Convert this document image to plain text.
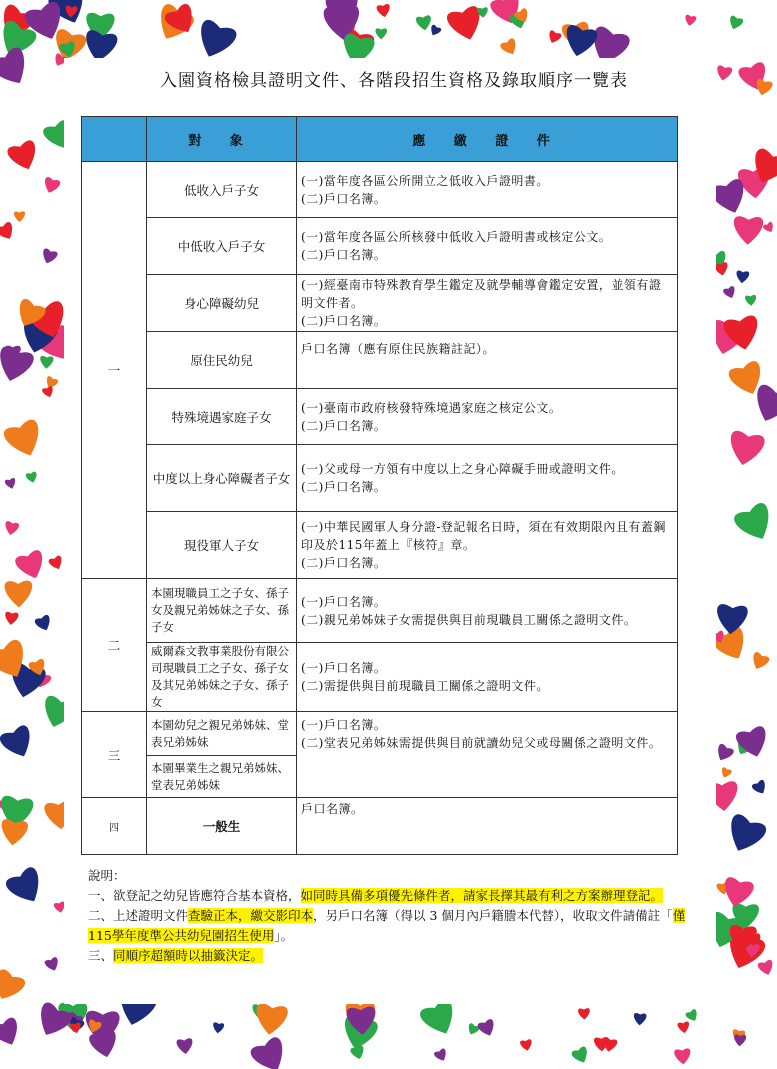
入園資格檢具證明文件、各階段招生資格及錄取順序一覽表
	對 象	應 繳 證 件
一	低收入戶子女	(一)當年度各區公所開立之低收入戶證明書。
(二)戶口名簿。

	中低收入戶子女	(一)當年度各區公所核發中低收入戶證明書或核定公文。
(二)戶口名簿。

	身心障礙幼兒	(一)經臺南市特殊教育學生鑑定及就學輔導會鑑定安置，並領有證明文件者。
(二)戶口名簿。

	原住民幼兒	戶口名簿（應有原住民族籍註記）。

	特殊境遇家庭子女	(一)臺南市政府核發特殊境遇家庭之核定公文。
(二)戶口名簿。

	中度以上身心障礙者子女	(一)父或母一方領有中度以上之身心障礙手冊或證明文件。
(二)戶口名簿。

	現役軍人子女	(一)中華民國軍人身分證-登記報名日時，須在有效期限內且有蓋鋼印及於115年蓋上『核符』章。
(二)戶口名簿。

二	本園現職員工之子女、孫子女及親兄弟姊妹之子女、孫子女	(一)戶口名簿。
(二)親兄弟姊妹子女需提供與目前現職員工關係之證明文件。

	威爾森文教事業股份有限公司現職員工之子女、孫子女及其兄弟姊妹之子女、孫子女	(一)戶口名簿。
(二)需提供與目前現職員工關係之證明文件。

三	本園幼兒之親兄弟姊妹、堂表兄弟姊妹	(一)戶口名簿。
(二)堂表兄弟姊妹需提供與目前就讀幼兒父或母關係之證明文件。

	本園畢業生之親兄弟姊妹、堂表兄弟姊妹	
四	一般生	戶口名簿。
說明：
一、欲登記之幼兒皆應符合基本資格，如同時具備多項優先條件者，請家長擇其最有利之方案辦理登記。
二、上述證明文件查驗正本，繳交影印本，另戶口名簿（得以 3 個月內戶籍謄本代替），收取文件請備註「僅115學年度準公共幼兒園招生使用」。
三、同順序超額時以抽籤決定。
